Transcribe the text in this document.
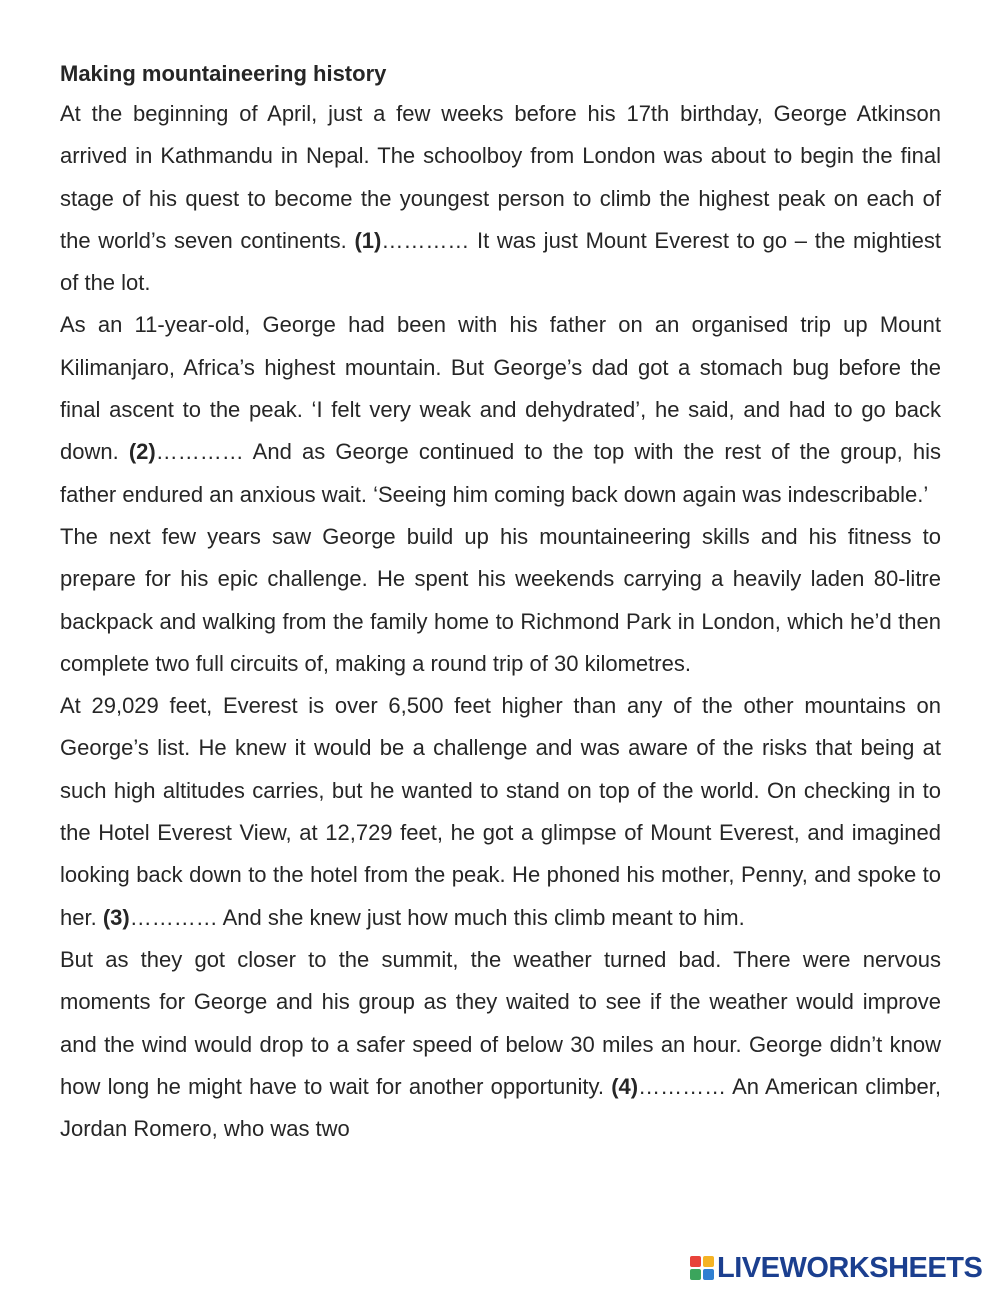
Making mountaineering history

At the beginning of April, just a few weeks before his 17th birthday, George Atkinson arrived in Kathmandu in Nepal. The schoolboy from London was about to begin the final stage of his quest to become the youngest person to climb the highest peak on each of the world’s seven continents. (1)………… It was just Mount Everest to go – the mightiest of the lot.

As an 11-year-old, George had been with his father on an organised trip up Mount Kilimanjaro, Africa’s highest mountain. But George’s dad got a stomach bug before the final ascent to the peak. ‘I felt very weak and dehydrated’, he said, and had to go back down. (2)………… And as George continued to the top with the rest of the group, his father endured an anxious wait. ‘Seeing him coming back down again was indescribable.’

The next few years saw George build up his mountaineering skills and his fitness to prepare for his epic challenge. He spent his weekends carrying a heavily laden 80-litre backpack and walking from the family home to Richmond Park in London, which he’d then complete two full circuits of, making a round trip of 30 kilometres.

At 29,029 feet, Everest is over 6,500 feet higher than any of the other mountains on George’s list. He knew it would be a challenge and was aware of the risks that being at such high altitudes carries, but he wanted to stand on top of the world. On checking in to the Hotel Everest View, at 12,729 feet, he got a glimpse of Mount Everest, and imagined looking back down to the hotel from the peak. He phoned his mother, Penny, and spoke to her. (3)………… And she knew just how much this climb meant to him.

But as they got closer to the summit, the weather turned bad. There were nervous moments for George and his group as they waited to see if the weather would improve and the wind would drop to a safer speed of below 30 miles an hour. George didn’t know how long he might have to wait for another opportunity. (4)………… An American climber, Jordan Romero, who was two

LIVEWORKSHEETS
